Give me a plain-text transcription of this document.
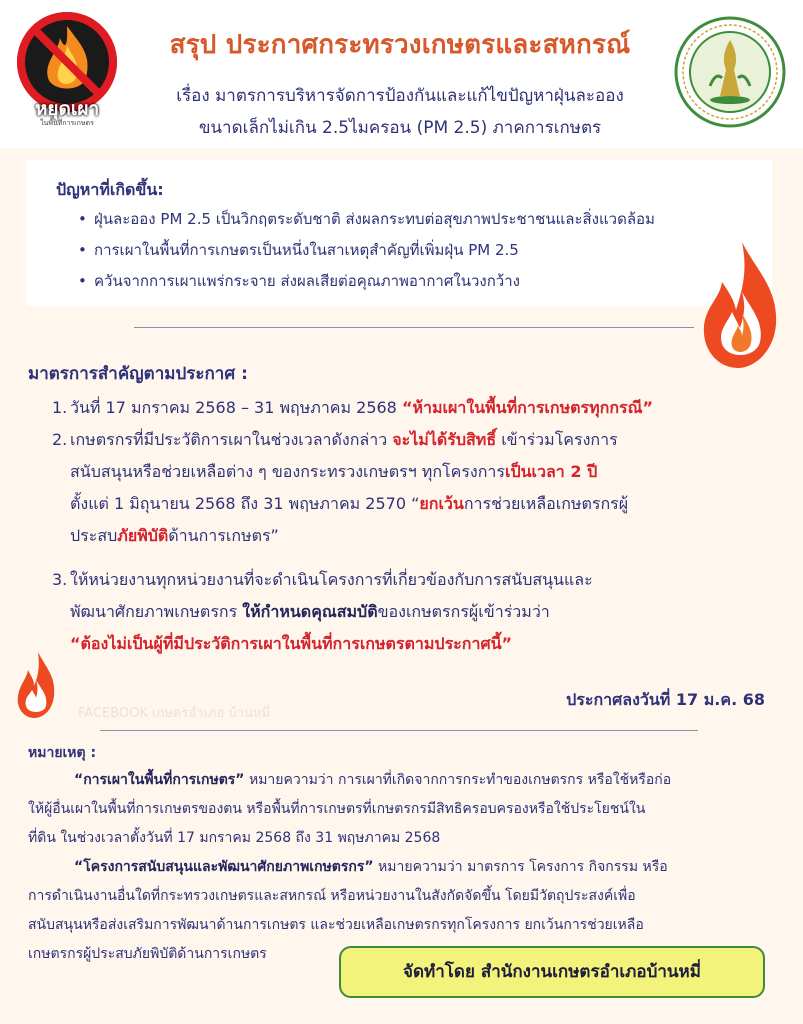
หยุดเผา
ในพื้นที่การเกษตร
สรุป ประกาศกระทรวงเกษตรและสหกรณ์
เรื่อง มาตรการบริหารจัดการป้องกันและแก้ไขปัญหาฝุ่นละออง
ขนาดเล็กไม่เกิน 2.5ไมครอน (PM 2.5) ภาคการเกษตร
ปัญหาที่เกิดขึ้น:
• ฝุ่นละออง PM 2.5 เป็นวิกฤตระดับชาติ ส่งผลกระทบต่อสุขภาพประชาชนและสิ่งแวดล้อม
• การเผาในพื้นที่การเกษตรเป็นหนึ่งในสาเหตุสำคัญที่เพิ่มฝุ่น PM 2.5
• ควันจากการเผาแพร่กระจาย ส่งผลเสียต่อคุณภาพอากาศในวงกว้าง
มาตรการสำคัญตามประกาศ :
1. วันที่ 17 มกราคม 2568 – 31 พฤษภาคม 2568 “ห้ามเผาในพื้นที่การเกษตรทุกกรณี”
2. เกษตรกรที่มีประวัติการเผาในช่วงเวลาดังกล่าว จะไม่ได้รับสิทธิ์ เข้าร่วมโครงการ
สนับสนุนหรือช่วยเหลือต่าง ๆ ของกระทรวงเกษตรฯ ทุกโครงการเป็นเวลา 2 ปี
ตั้งแต่ 1 มิถุนายน 2568 ถึง 31 พฤษภาคม 2570 “ยกเว้นการช่วยเหลือเกษตรกรผู้
ประสบภัยพิบัติด้านการเกษตร”
3. ให้หน่วยงานทุกหน่วยงานที่จะดำเนินโครงการที่เกี่ยวข้องกับการสนับสนุนและ
พัฒนาศักยภาพเกษตรกร ให้กำหนดคุณสมบัติของเกษตรกรผู้เข้าร่วมว่า
“ต้องไม่เป็นผู้ที่มีประวัติการเผาในพื้นที่การเกษตรตามประกาศนี้”
ประกาศลงวันที่ 17 ม.ค. 68
FACEBOOK เกษตรอำเภอ บ้านหมี่
หมายเหตุ :
“การเผาในพื้นที่การเกษตร” หมายความว่า การเผาที่เกิดจากการกระทำของเกษตรกร หรือใช้หรือก่อ
ให้ผู้อื่นเผาในพื้นที่การเกษตรของตน หรือพื้นที่การเกษตรที่เกษตรกรมีสิทธิครอบครองหรือใช้ประโยชน์ใน
ที่ดิน ในช่วงเวลาตั้งวันที่ 17 มกราคม 2568 ถึง 31 พฤษภาคม 2568
“โครงการสนับสนุนและพัฒนาศักยภาพเกษตรกร” หมายความว่า มาตรการ โครงการ กิจกรรม หรือ
การดำเนินงานอื่นใดที่กระทรวงเกษตรและสหกรณ์ หรือหน่วยงานในสังกัดจัดขึ้น โดยมีวัตถุประสงค์เพื่อ
สนับสนุนหรือส่งเสริมการพัฒนาด้านการเกษตร และช่วยเหลือเกษตรกรทุกโครงการ ยกเว้นการช่วยเหลือ
เกษตรกรผู้ประสบภัยพิบัติด้านการเกษตร
จัดทำโดย สำนักงานเกษตรอำเภอบ้านหมี่
